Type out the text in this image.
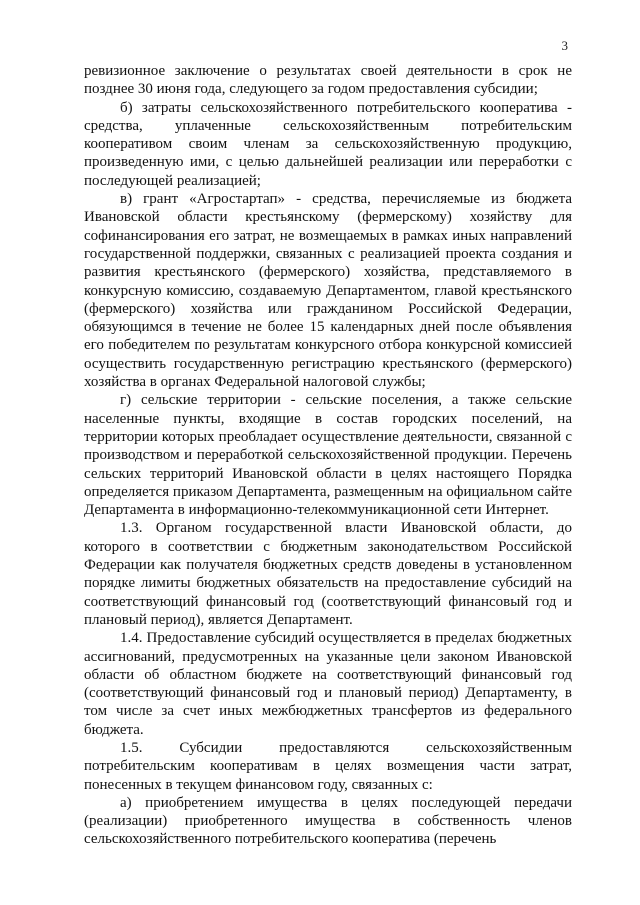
3

ревизионное заключение о результатах своей деятельности в срок не позднее 30 июня года, следующего за годом предоставления субсидии;

б) затраты сельскохозяйственного потребительского кооператива - средства, уплаченные сельскохозяйственным потребительским кооперативом своим членам за сельскохозяйственную продукцию, произведенную ими, с целью дальнейшей реализации или переработки с последующей реализацией;

в) грант «Агростартап» - средства, перечисляемые из бюджета Ивановской области крестьянскому (фермерскому) хозяйству для софинансирования его затрат, не возмещаемых в рамках иных направлений государственной поддержки, связанных с реализацией проекта создания и развития крестьянского (фермерского) хозяйства, представляемого в конкурсную комиссию, создаваемую Департаментом, главой крестьянского (фермерского) хозяйства или гражданином Российской Федерации, обязующимся в течение не более 15 календарных дней после объявления его победителем по результатам конкурсного отбора конкурсной комиссией осуществить государственную регистрацию крестьянского (фермерского) хозяйства в органах Федеральной налоговой службы;

г) сельские территории - сельские поселения, а также сельские населенные пункты, входящие в состав городских поселений, на территории которых преобладает осуществление деятельности, связанной с производством и переработкой сельскохозяйственной продукции. Перечень сельских территорий Ивановской области в целях настоящего Порядка определяется приказом Департамента, размещенным на официальном сайте Департамента в информационно-телекоммуникационной сети Интернет.

1.3. Органом государственной власти Ивановской области, до которого в соответствии с бюджетным законодательством Российской Федерации как получателя бюджетных средств доведены в установленном порядке лимиты бюджетных обязательств на предоставление субсидий на соответствующий финансовый год (соответствующий финансовый год и плановый период), является Департамент.

1.4. Предоставление субсидий осуществляется в пределах бюджетных ассигнований, предусмотренных на указанные цели законом Ивановской области об областном бюджете на соответствующий финансовый год (соответствующий финансовый год и плановый период) Департаменту, в том числе за счет иных межбюджетных трансфертов из федерального бюджета.

1.5. Субсидии предоставляются сельскохозяйственным потребительским кооперативам в целях возмещения части затрат, понесенных в текущем финансовом году, связанных с:

а) приобретением имущества в целях последующей передачи (реализации) приобретенного имущества в собственность членов сельскохозяйственного потребительского кооператива (перечень
